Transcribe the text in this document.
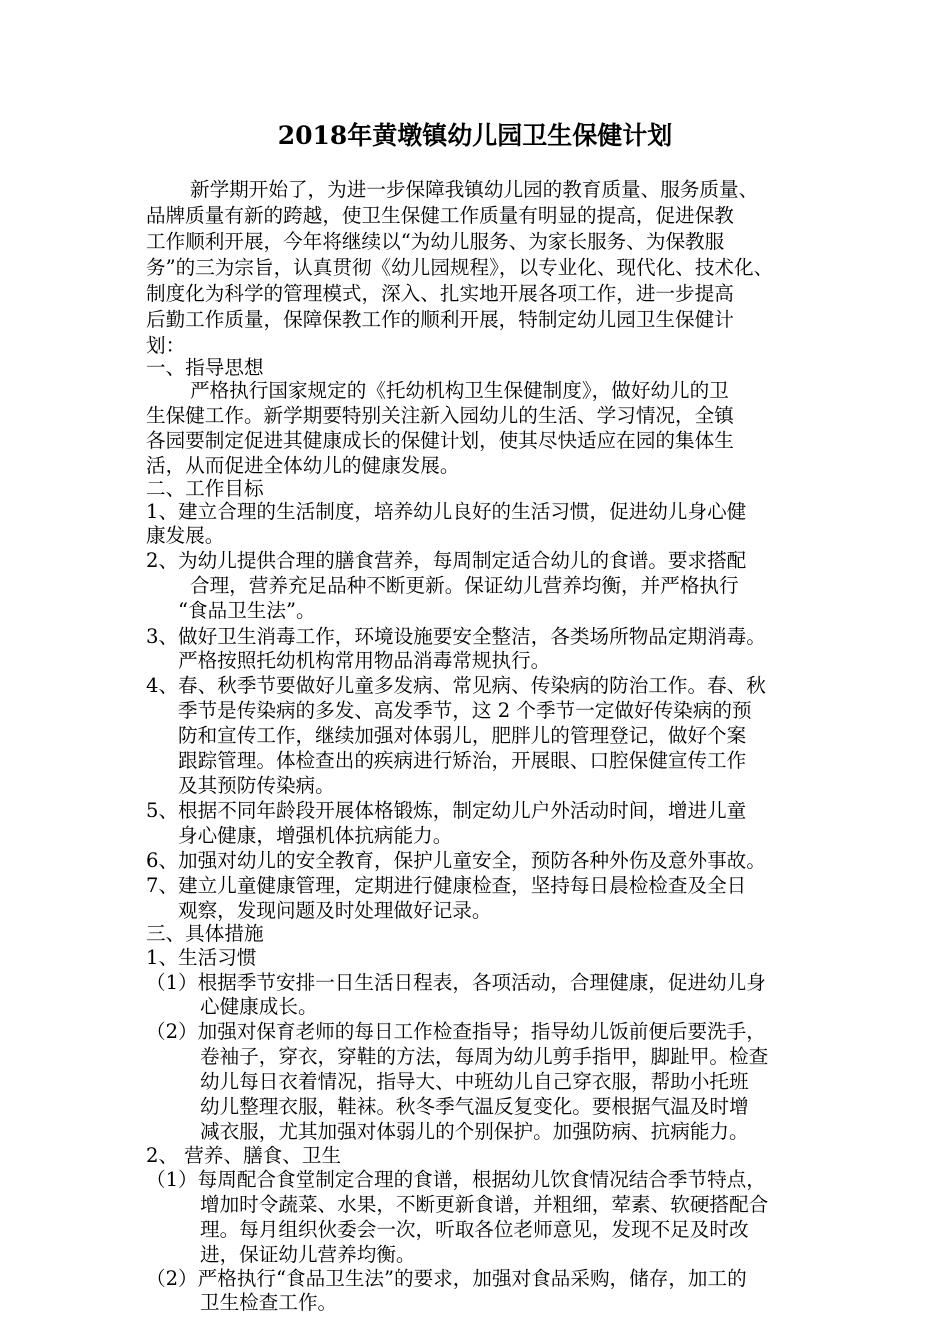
2018年黄墩镇幼儿园卫生保健计划
新学期开始了，为进一步保障我镇幼儿园的教育质量、服务质量、
品牌质量有新的跨越，使卫生保健工作质量有明显的提高，促进保教
工作顺利开展，今年将继续以“为幼儿服务、为家长服务、为保教服
务”的三为宗旨，认真贯彻《幼儿园规程》，以专业化、现代化、技术化、
制度化为科学的管理模式，深入、扎实地开展各项工作，进一步提高
后勤工作质量，保障保教工作的顺利开展，特制定幼儿园卫生保健计
划：
一、指导思想
严格执行国家规定的《托幼机构卫生保健制度》，做好幼儿的卫
生保健工作。新学期要特别关注新入园幼儿的生活、学习情况，全镇
各园要制定促进其健康成长的保健计划，使其尽快适应在园的集体生
活，从而促进全体幼儿的健康发展。
二、工作目标
1、建立合理的生活制度，培养幼儿良好的生活习惯，促进幼儿身心健
康发展。
2、为幼儿提供合理的膳食营养，每周制定适合幼儿的食谱。要求搭配
合理，营养充足品种不断更新。保证幼儿营养均衡，并严格执行
“食品卫生法”。
3、做好卫生消毒工作，环境设施要安全整洁，各类场所物品定期消毒。
严格按照托幼机构常用物品消毒常规执行。
4、春、秋季节要做好儿童多发病、常见病、传染病的防治工作。春、秋
季节是传染病的多发、高发季节，这 2 个季节一定做好传染病的预
防和宣传工作，继续加强对体弱儿，肥胖儿的管理登记，做好个案
跟踪管理。体检查出的疾病进行矫治，开展眼、口腔保健宣传工作
及其预防传染病。
5、根据不同年龄段开展体格锻炼，制定幼儿户外活动时间，增进儿童
身心健康，增强机体抗病能力。
6、加强对幼儿的安全教育，保护儿童安全，预防各种外伤及意外事故。
7、建立儿童健康管理，定期进行健康检查，坚持每日晨检检查及全日
观察，发现问题及时处理做好记录。
三、具体措施
1、生活习惯
（1）根据季节安排一日生活日程表，各项活动，合理健康，促进幼儿身
心健康成长。
（2）加强对保育老师的每日工作检查指导；指导幼儿饭前便后要洗手，
卷袖子，穿衣，穿鞋的方法，每周为幼儿剪手指甲，脚趾甲。检查
幼儿每日衣着情况，指导大、中班幼儿自己穿衣服，帮助小托班
幼儿整理衣服，鞋袜。秋冬季气温反复变化。要根据气温及时增
减衣服，尤其加强对体弱儿的个别保护。加强防病、抗病能力。
2、 营养、膳食、卫生
（1）每周配合食堂制定合理的食谱，根据幼儿饮食情况结合季节特点，
增加时令蔬菜、水果，不断更新食谱，并粗细，荤素、软硬搭配合
理。每月组织伙委会一次，听取各位老师意见，发现不足及时改
进，保证幼儿营养均衡。
（2）严格执行“食品卫生法”的要求，加强对食品采购，储存，加工的
卫生检查工作。
